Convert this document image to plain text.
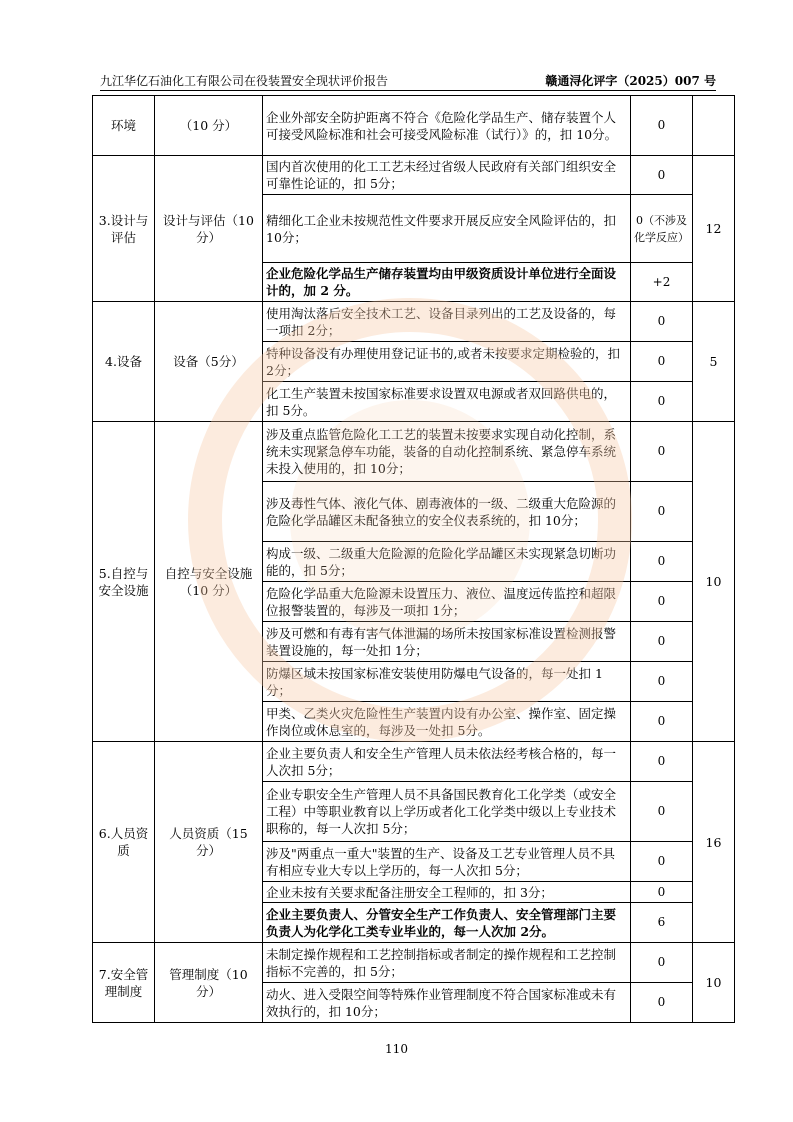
九江华亿石油化工有限公司在役装置安全现状评价报告	赣通浔化评字（2025）007 号
环境	（10 分）	企业外部安全防护距离不符合《危险化学品生产、储存装置个人可接受风险标准和社会可接受风险标准（试行）》的，扣 10分。	0	
3.设计与评估	设计与评估（10分）	国内首次使用的化工工艺未经过省级人民政府有关部门组织安全可靠性论证的，扣 5分；	0	12
		精细化工企业未按规范性文件要求开展反应安全风险评估的，扣 10分；	0（不涉及化学反应）	
		企业危险化学品生产储存装置均由甲级资质设计单位进行全面设计的，加 2 分。	+2	
4.设备	设备（5分）	使用淘汰落后安全技术工艺、设备目录列出的工艺及设备的，每一项扣 2分；	0	5
		特种设备没有办理使用登记证书的,或者未按要求定期检验的，扣 2分；	0	
		化工生产装置未按国家标准要求设置双电源或者双回路供电的，扣 5分。	0	
5.自控与安全设施	自控与安全设施（10 分）	涉及重点监管危险化工工艺的装置未按要求实现自动化控制，系统未实现紧急停车功能，装备的自动化控制系统、紧急停车系统未投入使用的，扣 10分；	0	10
		涉及毒性气体、液化气体、剧毒液体的一级、二级重大危险源的危险化学品罐区未配备独立的安全仪表系统的，扣 10分；	0	
		构成一级、二级重大危险源的危险化学品罐区未实现紧急切断功能的，扣 5分；	0	
		危险化学品重大危险源未设置压力、液位、温度远传监控和超限位报警装置的，每涉及一项扣 1分；	0	
		涉及可燃和有毒有害气体泄漏的场所未按国家标准设置检测报警装置设施的，每一处扣 1分；	0	
		防爆区域未按国家标准安装使用防爆电气设备的，每一处扣 1分；	0	
		甲类、乙类火灾危险性生产装置内设有办公室、操作室、固定操作岗位或休息室的，每涉及一处扣 5分。	0	
6.人员资质	人员资质（15 分）	企业主要负责人和安全生产管理人员未依法经考核合格的，每一人次扣 5分；	0	16
		企业专职安全生产管理人员不具备国民教育化工化学类（或安全工程）中等职业教育以上学历或者化工化学类中级以上专业技术职称的，每一人次扣 5分；	0	
		涉及"两重点一重大"装置的生产、设备及工艺专业管理人员不具有相应专业大专以上学历的，每一人次扣 5分；	0	
		企业未按有关要求配备注册安全工程师的，扣 3分；	0	
		企业主要负责人、分管安全生产工作负责人、安全管理部门主要负责人为化学化工类专业毕业的，每一人次加 2分。	6	
7.安全管理制度	管理制度（10 分）	未制定操作规程和工艺控制指标或者制定的操作规程和工艺控制指标不完善的，扣 5分；	0	10
		动火、进入受限空间等特殊作业管理制度不符合国家标准或未有效执行的，扣 10分；	0	
110
